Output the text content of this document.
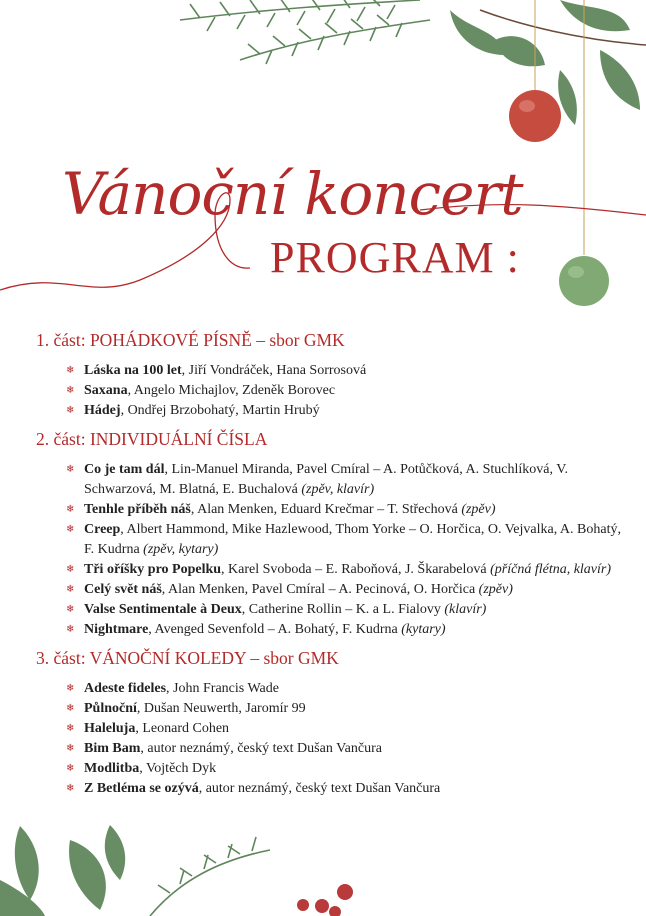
Vánoční koncert
PROGRAM :
1. část: POHÁDKOVÉ PÍSNĚ – sbor GMK
❄ Láska na 100 let, Jiří Vondráček, Hana Sorrosová
❄ Saxana, Angelo Michajlov, Zdeněk Borovec
❄ Hádej, Ondřej Brzobohatý, Martin Hrubý
2. část: INDIVIDUÁLNÍ ČÍSLA
❄ Co je tam dál, Lin-Manuel Miranda, Pavel Cmíral – A. Potůčková, A. Stuchlíková, V. Schwarzová, M. Blatná, E. Buchalová (zpěv, klavír)
❄ Tenhle příběh náš, Alan Menken, Eduard Krečmar – T. Střechová (zpěv)
❄ Creep, Albert Hammond, Mike Hazlewood, Thom Yorke – O. Horčica, O. Vejvalka, A. Bohatý, F. Kudrna (zpěv, kytary)
❄ Tři oříšky pro Popelku, Karel Svoboda – E. Raboňová, J. Škarabelová (příčná flétna, klavír)
❄ Celý svět náš, Alan Menken, Pavel Cmíral – A. Pecinová, O. Horčica (zpěv)
❄ Valse Sentimentale à Deux, Catherine Rollin – K. a L. Fialovy (klavír)
❄ Nightmare, Avenged Sevenfold – A. Bohatý, F. Kudrna (kytary)
3. část: VÁNOČNÍ KOLEDY – sbor GMK
❄ Adeste fideles, John Francis Wade
❄ Půlnoční, Dušan Neuwerth, Jaromír 99
❄ Haleluja, Leonard Cohen
❄ Bim Bam, autor neznámý, český text Dušan Vančura
❄ Modlitba, Vojtěch Dyk
❄ Z Betléma se ozývá, autor neznámý, český text Dušan Vančura
